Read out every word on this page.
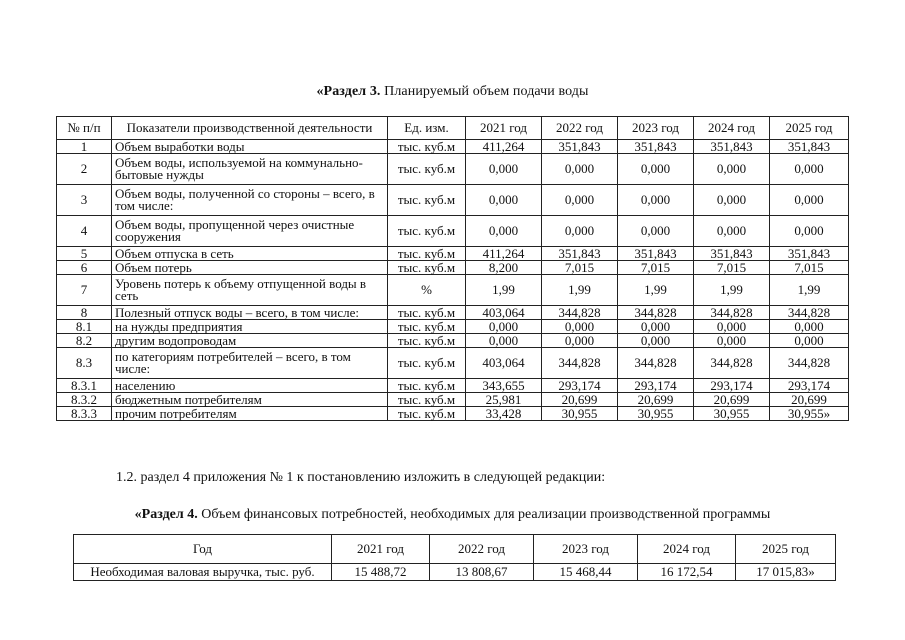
«Раздел 3. Планируемый объем подачи воды
№ п/п	Показатели производственной деятельности	Ед. изм.	2021 год	2022 год	2023 год	2024 год	2025 год
1	Объем выработки воды	тыс. куб.м	411,264	351,843	351,843	351,843	351,843
2	Объем воды, используемой на коммунально-бытовые нужды	тыс. куб.м	0,000	0,000	0,000	0,000	0,000
3	Объем воды, полученной со стороны – всего, в том числе:	тыс. куб.м	0,000	0,000	0,000	0,000	0,000
4	Объем воды, пропущенной через очистные сооружения	тыс. куб.м	0,000	0,000	0,000	0,000	0,000
5	Объем отпуска в сеть	тыс. куб.м	411,264	351,843	351,843	351,843	351,843
6	Объем потерь	тыс. куб.м	8,200	7,015	7,015	7,015	7,015
7	Уровень потерь к объему отпущенной воды в сеть	%	1,99	1,99	1,99	1,99	1,99
8	Полезный отпуск воды – всего, в том числе:	тыс. куб.м	403,064	344,828	344,828	344,828	344,828
8.1	на нужды предприятия	тыс. куб.м	0,000	0,000	0,000	0,000	0,000
8.2	другим водопроводам	тыс. куб.м	0,000	0,000	0,000	0,000	0,000
8.3	по категориям потребителей – всего, в том числе:	тыс. куб.м	403,064	344,828	344,828	344,828	344,828
8.3.1	населению	тыс. куб.м	343,655	293,174	293,174	293,174	293,174
8.3.2	бюджетным потребителям	тыс. куб.м	25,981	20,699	20,699	20,699	20,699
8.3.3	прочим потребителям	тыс. куб.м	33,428	30,955	30,955	30,955	30,955»
1.2. раздел 4 приложения № 1 к постановлению изложить в следующей редакции:
«Раздел 4. Объем финансовых потребностей, необходимых для реализации производственной программы
Год	2021 год	2022 год	2023 год	2024 год	2025 год
Необходимая валовая выручка, тыс. руб.	15 488,72	13 808,67	15 468,44	16 172,54	17 015,83»
